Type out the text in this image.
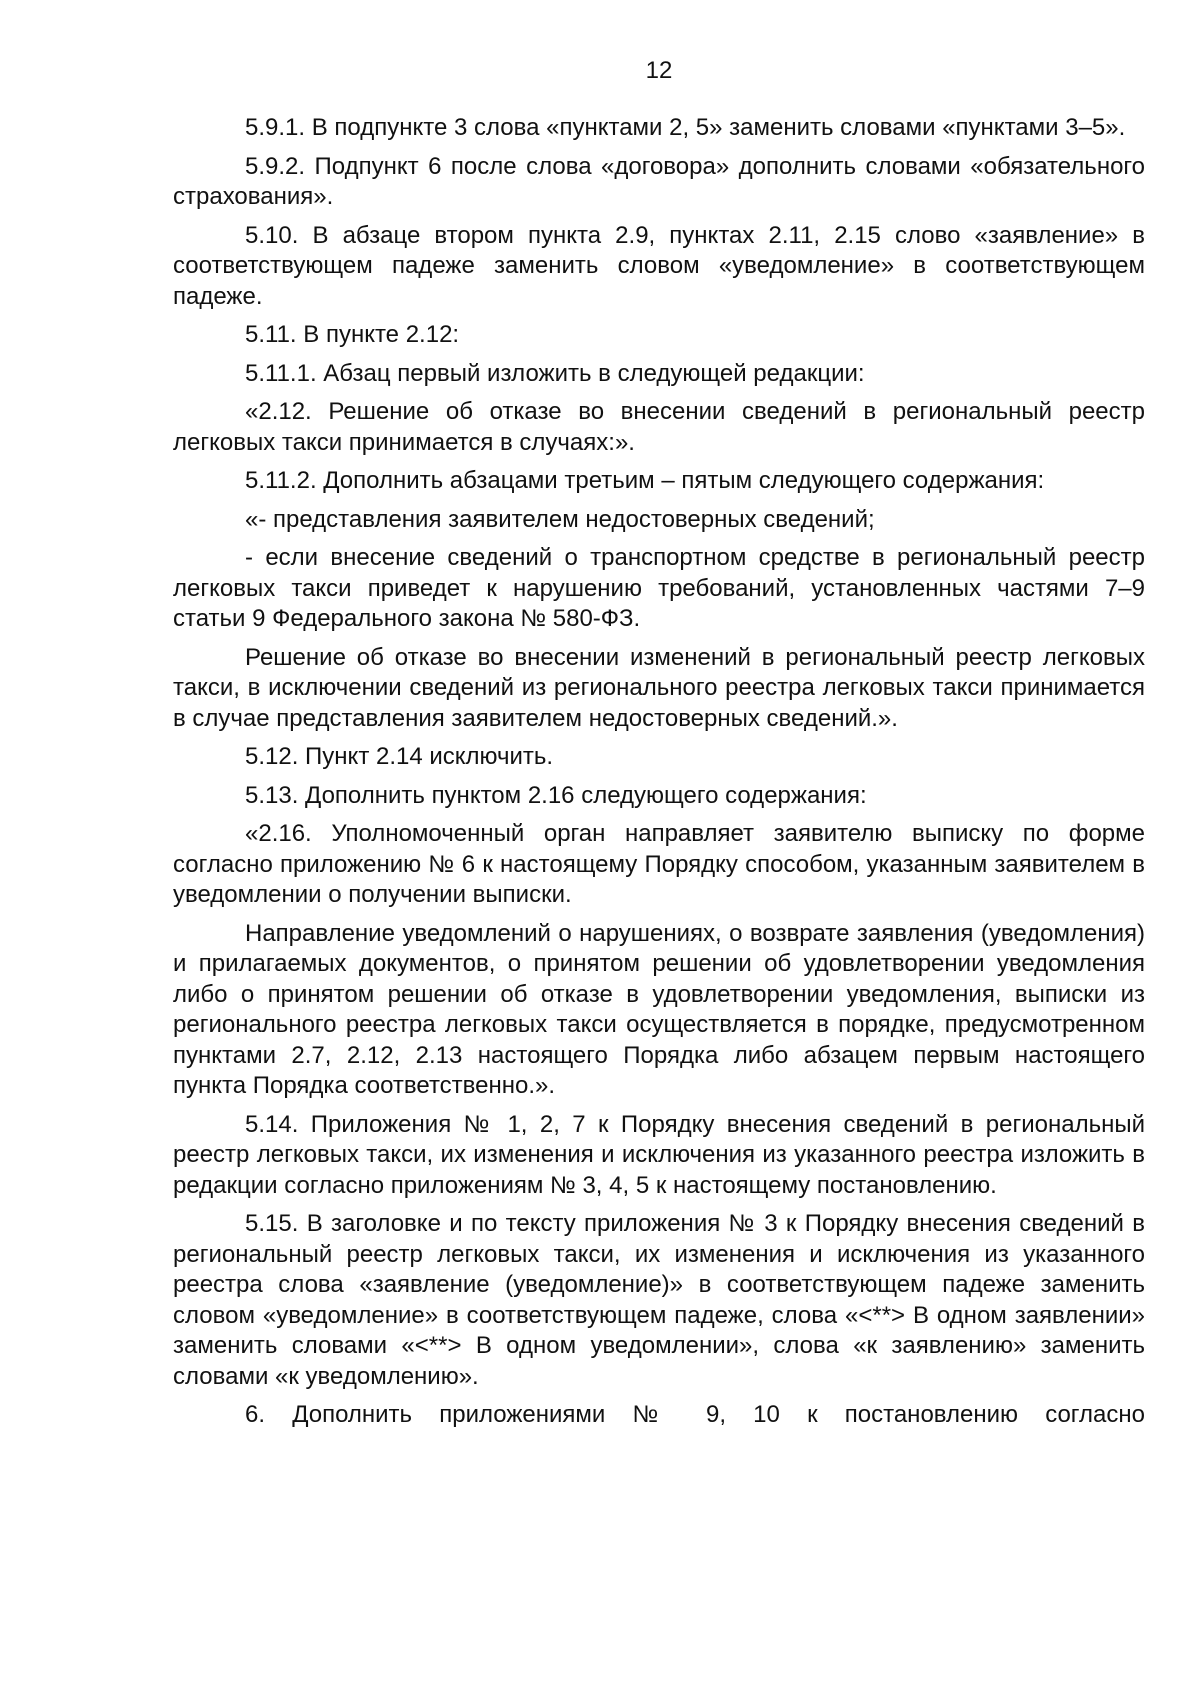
12

5.9.1. В подпункте 3 слова «пунктами 2, 5» заменить словами «пунктами 3–5».

5.9.2. Подпункт 6 после слова «договора» дополнить словами «обязательного страхования».

5.10. В абзаце втором пункта 2.9, пунктах 2.11, 2.15 слово «заявление» в соответствующем падеже заменить словом «уведомление» в соответствующем падеже.

5.11. В пункте 2.12:

5.11.1. Абзац первый изложить в следующей редакции:

«2.12. Решение об отказе во внесении сведений в региональный реестр легковых такси принимается в случаях:».

5.11.2. Дополнить абзацами третьим – пятым следующего содержания:

«- представления заявителем недостоверных сведений;

- если внесение сведений о транспортном средстве в региональный реестр легковых такси приведет к нарушению требований, установленных частями 7–9 статьи 9 Федерального закона № 580-ФЗ.

Решение об отказе во внесении изменений в региональный реестр легковых такси, в исключении сведений из регионального реестра легковых такси принимается в случае представления заявителем недостоверных сведений.».

5.12. Пункт 2.14 исключить.

5.13. Дополнить пунктом 2.16 следующего содержания:

«2.16. Уполномоченный орган направляет заявителю выписку по форме согласно приложению № 6 к настоящему Порядку способом, указанным заявителем в уведомлении о получении выписки.

Направление уведомлений о нарушениях, о возврате заявления (уведомления) и прилагаемых документов, о принятом решении об удовлетворении уведомления либо о принятом решении об отказе в удовлетворении уведомления, выписки из регионального реестра легковых такси осуществляется в порядке, предусмотренном пунктами 2.7, 2.12, 2.13 настоящего Порядка либо абзацем первым настоящего пункта Порядка соответственно.».

5.14. Приложения № 1, 2, 7 к Порядку внесения сведений в региональный реестр легковых такси, их изменения и исключения из указанного реестра изложить в редакции согласно приложениям № 3, 4, 5 к настоящему постановлению.

5.15. В заголовке и по тексту приложения № 3 к Порядку внесения сведений в региональный реестр легковых такси, их изменения и исключения из указанного реестра слова «заявление (уведомление)» в соответствующем падеже заменить словом «уведомление» в соответствующем падеже, слова «<**> В одном заявлении» заменить словами «<**> В одном уведомлении», слова «к заявлению» заменить словами «к уведомлению».

6. Дополнить приложениями № 9, 10 к постановлению согласно
